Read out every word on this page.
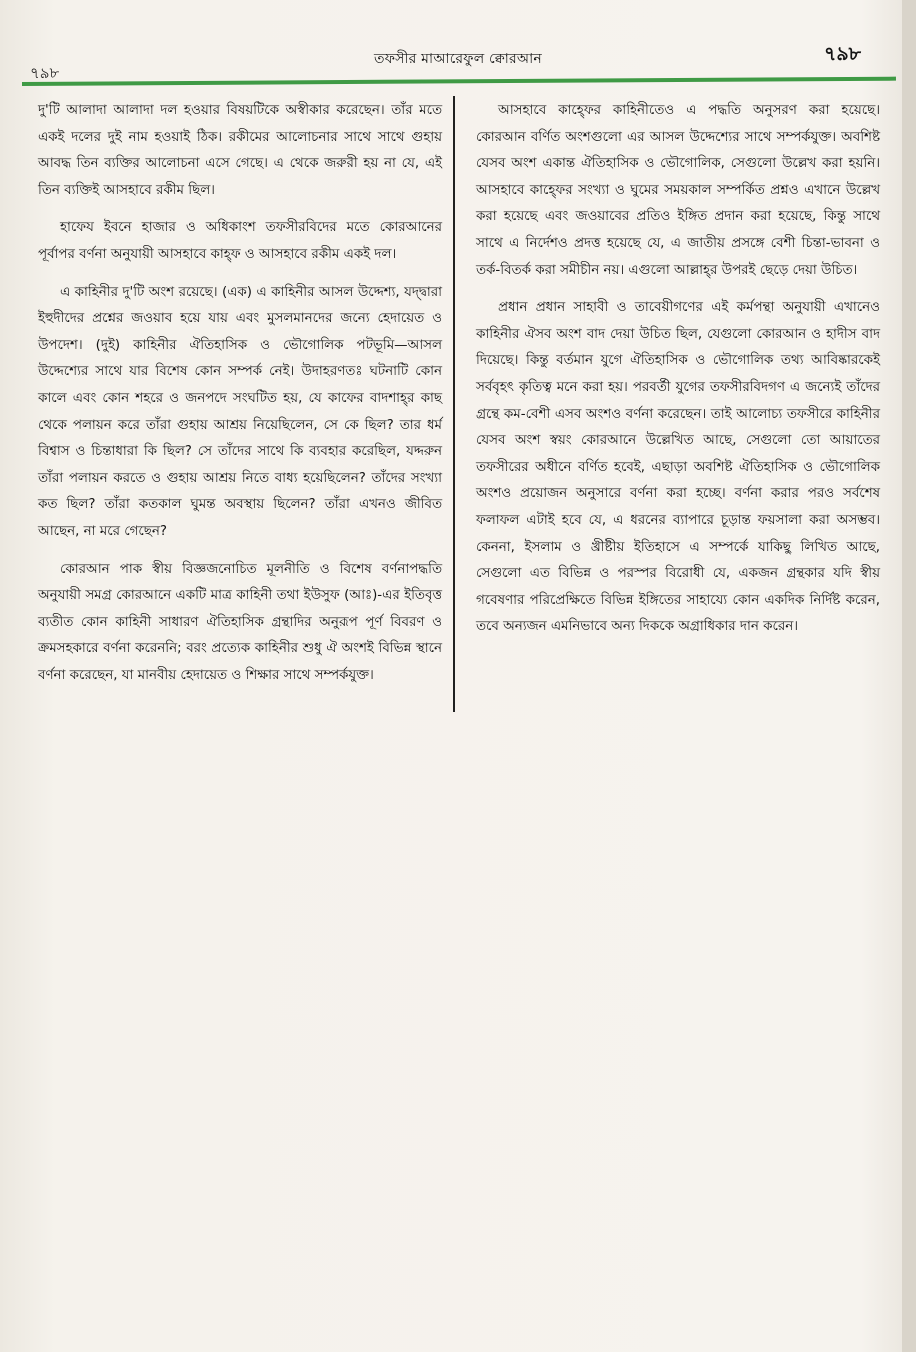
তফসীর মাআরেফুল ক্বোরআন
৭৯৮
৭৯৮

দু'টি আলাদা আলাদা দল হওয়ার বিষয়টিকে অস্বীকার করেছেন। তাঁর মতে একই দলের দুই নাম হওয়াই ঠিক। রকীমের আলোচনার সাথে সাথে গুহায় আবদ্ধ তিন ব্যক্তির আলোচনা এসে গেছে। এ থেকে জরুরী হয় না যে, এই তিন ব্যক্তিই আসহাবে রকীম ছিল।

হাফেয ইবনে হাজার ও অধিকাংশ তফসীরবিদের মতে কোরআনের পূর্বাপর বর্ণনা অনুযায়ী আসহাবে কাহ্ফ ও আসহাবে রকীম একই দল।

এ কাহিনীর দু'টি অংশ রয়েছে। (এক) এ কাহিনীর আসল উদ্দেশ্য, যদ্দ্বারা ইহুদীদের প্রশ্নের জওয়াব হয়ে যায় এবং মুসলমানদের জন্যে হেদায়েত ও উপদেশ। (দুই) কাহিনীর ঐতিহাসিক ও ভৌগোলিক পটভূমি—আসল উদ্দেশ্যের সাথে যার বিশেষ কোন সম্পর্ক নেই। উদাহরণতঃ ঘটনাটি কোন কালে এবং কোন শহরে ও জনপদে সংঘটিত হয়, যে কাফের বাদশাহ্‌র কাছ থেকে পলায়ন করে তাঁরা গুহায় আশ্রয় নিয়েছিলেন, সে কে ছিল? তার ধর্ম বিশ্বাস ও চিন্তাধারা কি ছিল? সে তাঁদের সাথে কি ব্যবহার করেছিল, যদ্দরুন তাঁরা পলায়ন করতে ও গুহায় আশ্রয় নিতে বাধ্য হয়েছিলেন? তাঁদের সংখ্যা কত ছিল? তাঁরা কতকাল ঘুমন্ত অবস্থায় ছিলেন? তাঁরা এখনও জীবিত আছেন, না মরে গেছেন?

কোরআন পাক স্বীয় বিজ্ঞজনোচিত মূলনীতি ও বিশেষ বর্ণনাপদ্ধতি অনুযায়ী সমগ্র কোরআনে একটি মাত্র কাহিনী তথা ইউসুফ (আঃ)-এর ইতিবৃত্ত ব্যতীত কোন কাহিনী সাধারণ ঐতিহাসিক গ্রন্থাদির অনুরূপ পূর্ণ বিবরণ ও ক্রমসহকারে বর্ণনা করেননি; বরং প্রত্যেক কাহিনীর শুধু ঐ অংশই বিভিন্ন স্থানে বর্ণনা করেছেন, যা মানবীয় হেদায়েত ও শিক্ষার সাথে সম্পর্কযুক্ত।

আসহাবে কাহ্ফের কাহিনীতেও এ পদ্ধতি অনুসরণ করা হয়েছে। কোরআন বর্ণিত অংশগুলো এর আসল উদ্দেশ্যের সাথে সম্পর্কযুক্ত। অবশিষ্ট যেসব অংশ একান্ত ঐতিহাসিক ও ভৌগোলিক, সেগুলো উল্লেখ করা হয়নি। আসহাবে কাহ্ফের সংখ্যা ও ঘুমের সময়কাল সম্পর্কিত প্রশ্নও এখানে উল্লেখ করা হয়েছে এবং জওয়াবের প্রতিও ইঙ্গিত প্রদান করা হয়েছে, কিন্তু সাথে সাথে এ নির্দেশও প্রদত্ত হয়েছে যে, এ জাতীয় প্রসঙ্গে বেশী চিন্তা-ভাবনা ও তর্ক-বিতর্ক করা সমীচীন নয়। এগুলো আল্লাহ্‌র উপরই ছেড়ে দেয়া উচিত।

প্রধান প্রধান সাহাবী ও তাবেয়ীগণের এই কর্মপন্থা অনুযায়ী এখানেও কাহিনীর ঐসব অংশ বাদ দেয়া উচিত ছিল, যেগুলো কোরআন ও হাদীস বাদ দিয়েছে। কিন্তু বর্তমান যুগে ঐতিহাসিক ও ভৌগোলিক তথ্য আবিষ্কারকেই সর্ববৃহৎ কৃতিত্ব মনে করা হয়। পরবর্তী যুগের তফসীরবিদগণ এ জন্যেই তাঁদের গ্রন্থে কম-বেশী এসব অংশও বর্ণনা করেছেন। তাই আলোচ্য তফসীরে কাহিনীর যেসব অংশ স্বয়ং কোরআনে উল্লেখিত আছে, সেগুলো তো আয়াতের তফসীরের অধীনে বর্ণিত হবেই, এছাড়া অবশিষ্ট ঐতিহাসিক ও ভৌগোলিক অংশও প্রয়োজন অনুসারে বর্ণনা করা হচ্ছে। বর্ণনা করার পরও সর্বশেষ ফলাফল এটাই হবে যে, এ ধরনের ব্যাপারে চূড়ান্ত ফয়সালা করা অসম্ভব। কেননা, ইসলাম ও খ্রীষ্টীয় ইতিহাসে এ সম্পর্কে যাকিছু লিখিত আছে, সেগুলো এত বিভিন্ন ও পরস্পর বিরোধী যে, একজন গ্রন্থকার যদি স্বীয় গবেষণার পরিপ্রেক্ষিতে বিভিন্ন ইঙ্গিতের সাহায্যে কোন একদিক নির্দিষ্ট করেন, তবে অন্যজন এমনিভাবে অন্য দিককে অগ্রাধিকার দান করেন।
